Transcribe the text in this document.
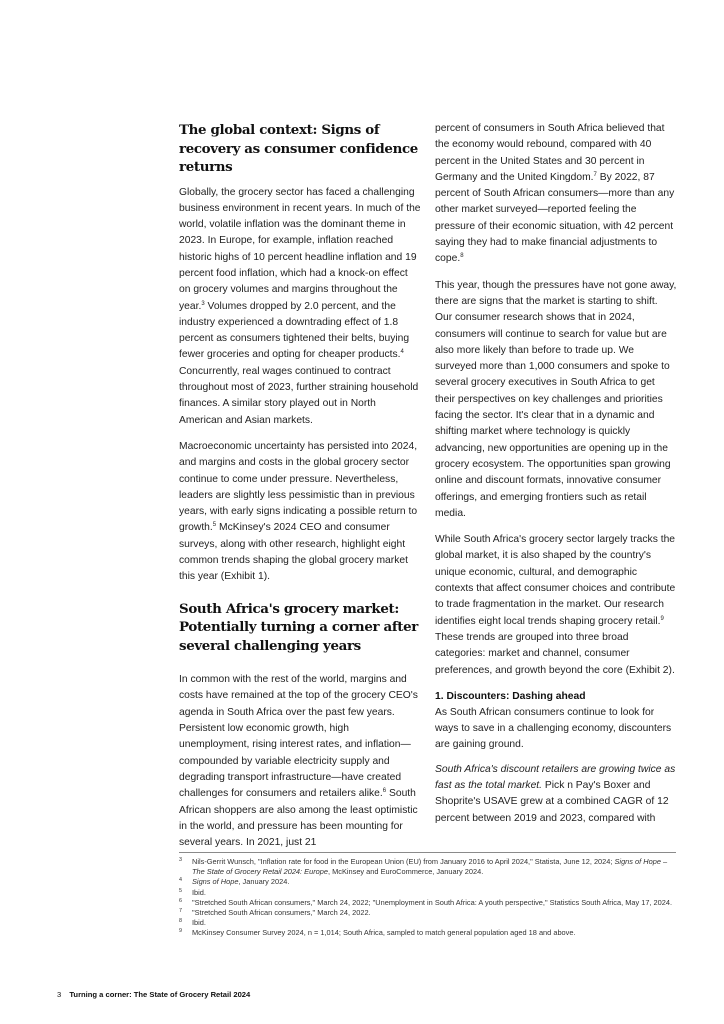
The global context: Signs of recovery as consumer confidence returns

Globally, the grocery sector has faced a challenging business environment in recent years. In much of the world, volatile inflation was the dominant theme in 2023. In Europe, for example, inflation reached historic highs of 10 percent headline inflation and 19 percent food inflation, which had a knock-on effect on grocery volumes and margins throughout the year.$^3$ Volumes dropped by 2.0 percent, and the industry experienced a downtrading effect of 1.8 percent as consumers tightened their belts, buying fewer groceries and opting for cheaper products.$^4$ Concurrently, real wages continued to contract throughout most of 2023, further straining household finances. A similar story played out in North American and Asian markets.

Macroeconomic uncertainty has persisted into 2024, and margins and costs in the global grocery sector continue to come under pressure. Nevertheless, leaders are slightly less pessimistic than in previous years, with early signs indicating a possible return to growth.$^5$ McKinsey's 2024 CEO and consumer surveys, along with other research, highlight eight common trends shaping the global grocery market this year (Exhibit 1).

South Africa's grocery market: Potentially turning a corner after several challenging years

In common with the rest of the world, margins and costs have remained at the top of the grocery CEO's agenda in South Africa over the past few years. Persistent low economic growth, high unemployment, rising interest rates, and inflation—compounded by variable electricity supply and degrading transport infrastructure—have created challenges for consumers and retailers alike.$^6$ South African shoppers are also among the least optimistic in the world, and pressure has been mounting for several years. In 2021, just 21

percent of consumers in South Africa believed that the economy would rebound, compared with 40 percent in the United States and 30 percent in Germany and the United Kingdom.$^7$ By 2022, 87 percent of South African consumers—more than any other market surveyed—reported feeling the pressure of their economic situation, with 42 percent saying they had to make financial adjustments to cope.$^8$

This year, though the pressures have not gone away, there are signs that the market is starting to shift. Our consumer research shows that in 2024, consumers will continue to search for value but are also more likely than before to trade up. We surveyed more than 1,000 consumers and spoke to several grocery executives in South Africa to get their perspectives on key challenges and priorities facing the sector. It's clear that in a dynamic and shifting market where technology is quickly advancing, new opportunities are opening up in the grocery ecosystem. The opportunities span growing online and discount formats, innovative consumer offerings, and emerging frontiers such as retail media.

While South Africa's grocery sector largely tracks the global market, it is also shaped by the country's unique economic, cultural, and demographic contexts that affect consumer choices and contribute to trade fragmentation in the market. Our research identifies eight local trends shaping grocery retail.$^9$ These trends are grouped into three broad categories: market and channel, consumer preferences, and growth beyond the core (Exhibit 2).

1. Discounters: Dashing ahead

As South African consumers continue to look for ways to save in a challenging economy, discounters are gaining ground.

South Africa's discount retailers are growing twice as fast as the total market. Pick n Pay's Boxer and Shoprite's USAVE grew at a combined CAGR of 12 percent between 2019 and 2023, compared with

3 Nils-Gerrit Wunsch, "Inflation rate for food in the European Union (EU) from January 2016 to April 2024," Statista, June 12, 2024; Signs of Hope – The State of Grocery Retail 2024: Europe, McKinsey and EuroCommerce, January 2024.
4 Signs of Hope, January 2024.
5 Ibid.
6 "Stretched South African consumers," March 24, 2022; "Unemployment in South Africa: A youth perspective," Statistics South Africa, May 17, 2024.
7 "Stretched South African consumers," March 24, 2022.
8 Ibid.
9 McKinsey Consumer Survey 2024, n = 1,014; South Africa, sampled to match general population aged 18 and above.
3 Turning a corner: The State of Grocery Retail 2024
